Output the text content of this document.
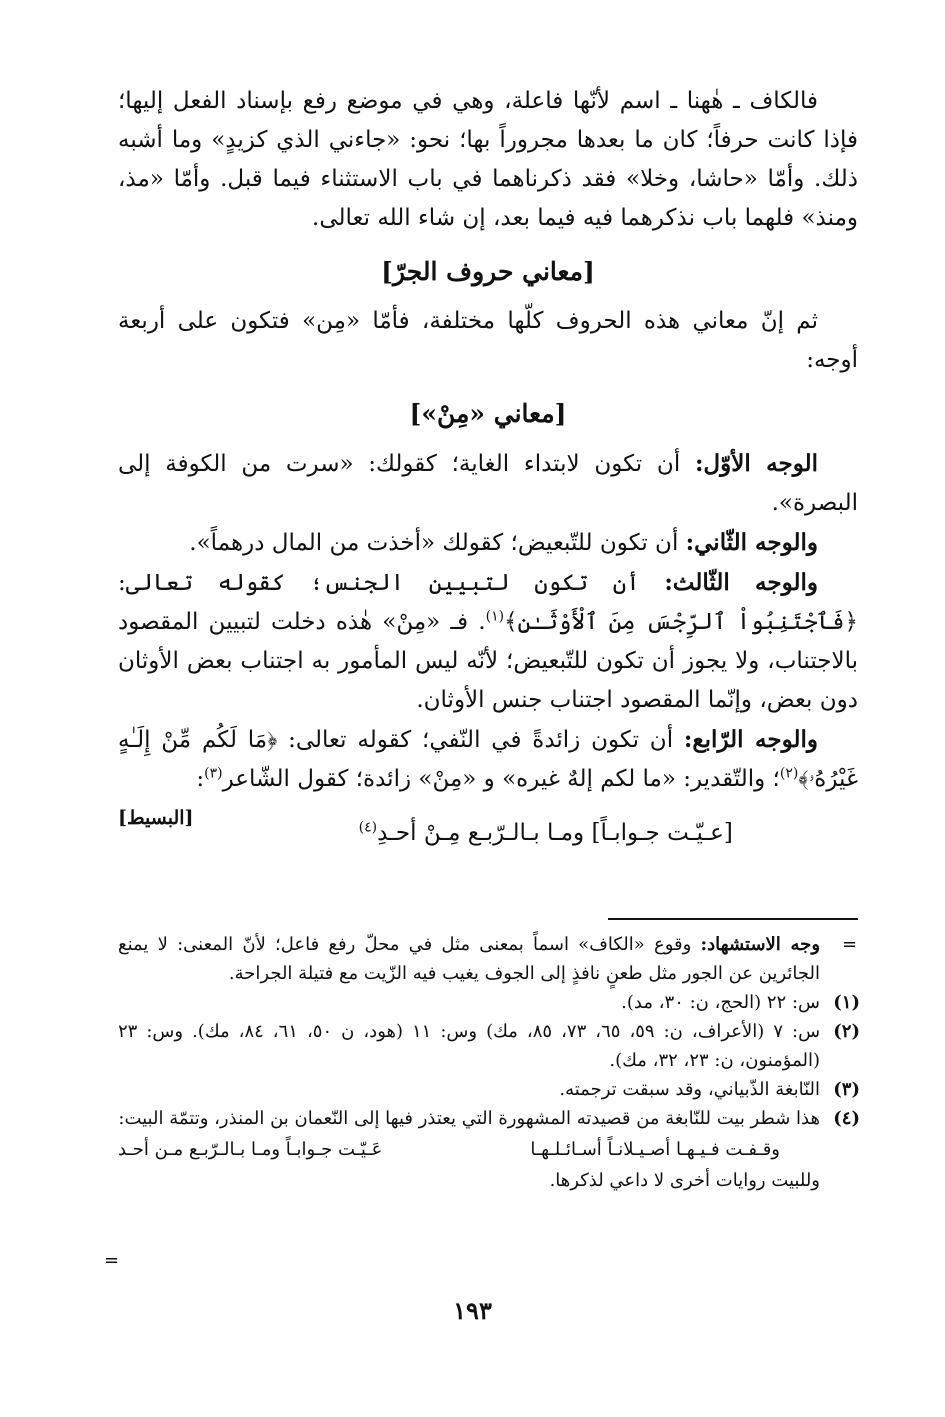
فالكاف ـ هٰهنا ـ اسم لأنّها فاعلة، وهي في موضع رفع بإسناد الفعل إليها؛ فإذا كانت حرفاً؛ كان ما بعدها مجروراً بها؛ نحو: «جاءني الذي كزيدٍ» وما أشبه ذلك. وأمّا «حاشا، وخلا» فقد ذكرناهما في باب الاستثناء فيما قبل. وأمّا «مذ، ومنذ» فلهما باب نذكرهما فيه فيما بعد، إن شاء الله تعالى.

[معاني حروف الجرّ]

ثم إنّ معاني هذه الحروف كلّها مختلفة، فأمّا «مِن» فتكون على أربعة أوجه:

[معاني «مِنْ»]

الوجه الأوّل: أن تكون لابتداء الغاية؛ كقولك: «سرت من الكوفة إلى البصرة».

والوجه الثّاني: أن تكون للتّبعيض؛ كقولك «أخذت من المال درهماً».

والوجه الثّالث: أن تكون لتبيين الجنس؛ كقوله تعالى: ﴿فَٱجْتَنِبُواْ ٱلرِّجْسَ مِنَ ٱلْأَوْثَـٰنِ﴾$^{(١)}$. فـ «مِنْ» هٰذه دخلت لتبيين المقصود بالاجتناب، ولا يجوز أن تكون للتّبعيض؛ لأنّه ليس المأمور به اجتناب بعض الأوثان دون بعض، وإنّما المقصود اجتناب جنس الأوثان.

والوجه الرّابع: أن تكون زائدةً في النّفي؛ كقوله تعالى: ﴿مَا لَكُم مِّنْ إِلَـٰهٍ غَيْرُهُۥ﴾$^{(٢)}$؛ والتّقدير: «ما لكم إلهٌ غيره» و «مِنْ» زائدة؛ كقول الشّاعر$^{(٣)}$:
[البسيط]

[عـيّـت جـوابـاً] ومـا بـالـرّبـع مِـنْ أحـدِ$^{(٤)}$
=
وجه الاستشهاد: وقوع «الكاف» اسماً بمعنى مثل في محلّ رفع فاعل؛ لأنّ المعنى: لا يمنع الجائرين عن الجور مثل طعنٍ نافذٍ إلى الجوف يغيب فيه الزّيت مع فتيلة الجراحة.
(١)
س: ٢٢ (الحج، ن: ٣٠، مد).
(٢)
س: ٧ (الأعراف، ن: ٥٩، ٦٥، ٧٣، ٨٥، مك) وس: ١١ (هود، ن ٥٠، ٦١، ٨٤، مك). وس: ٢٣ (المؤمنون، ن: ٢٣، ٣٢، مك).
(٣)
النّابغة الذّبياني، وقد سبقت ترجمته.
(٤)
هذا شطر بيت للنّابغة من قصيدته المشهورة التي يعتذر فيها إلى النّعمان بن المنذر، وتتمّة البيت:
وقـفـت فـيـهـا أصـيـلانـاً أسـائـلـهـا
عَـيّـت جـوابـاً ومـا بـالـرّبـع مـن أحـد
وللبيت روايات أخرى لا داعي لذكرها.
=
١٩٣
